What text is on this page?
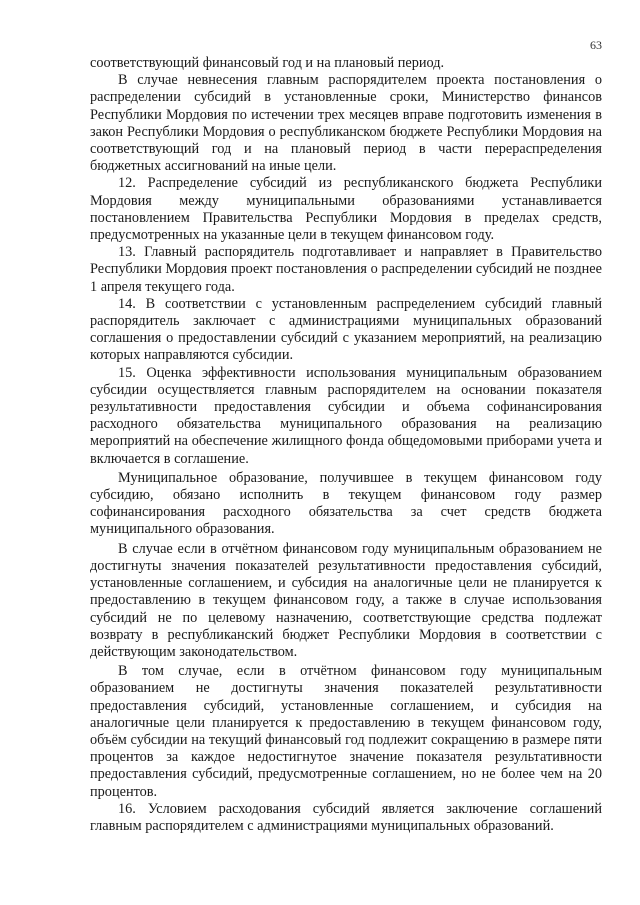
63

соответствующий финансовый год и на плановый период.

В случае невнесения главным распорядителем проекта постановления о распределении субсидий в установленные сроки, Министерство финансов Республики Мордовия по истечении трех месяцев вправе подготовить изменения в закон Республики Мордовия о республиканском бюджете Республики Мордовия на соответствующий год и на плановый период в части перераспределения бюджетных ассигнований на иные цели.

12. Распределение субсидий из республиканского бюджета Республики Мордовия между муниципальными образованиями устанавливается постановлением Правительства Республики Мордовия в пределах средств, предусмотренных на указанные цели в текущем финансовом году.

13. Главный распорядитель подготавливает и направляет в Правительство Республики Мордовия проект постановления о распределении субсидий не позднее 1 апреля текущего года.

14. В соответствии с установленным распределением субсидий главный распорядитель заключает с администрациями муниципальных образований соглашения о предоставлении субсидий с указанием мероприятий, на реализацию которых направляются субсидии.

15. Оценка эффективности использования муниципальным образованием субсидии осуществляется главным распорядителем на основании показателя результативности предоставления субсидии и объема софинансирования расходного обязательства муниципального образования на реализацию мероприятий на обеспечение жилищного фонда общедомовыми приборами учета и включается в соглашение.

Муниципальное образование, получившее в текущем финансовом году субсидию, обязано исполнить в текущем финансовом году размер софинансирования расходного обязательства за счет средств бюджета муниципального образования.

В случае если в отчётном финансовом году муниципальным образованием не достигнуты значения показателей результативности предоставления субсидий, установленные соглашением, и субсидия на аналогичные цели не планируется к предоставлению в текущем финансовом году, а также в случае использования субсидий не по целевому назначению, соответствующие средства подлежат возврату в республиканский бюджет Республики Мордовия в соответствии с действующим законодательством.

В том случае, если в отчётном финансовом году муниципальным образованием не достигнуты значения показателей результативности предоставления субсидий, установленные соглашением, и субсидия на аналогичные цели планируется к предоставлению в текущем финансовом году, объём субсидии на текущий финансовый год подлежит сокращению в размере пяти процентов за каждое недостигнутое значение показателя результативности предоставления субсидий, предусмотренные соглашением, но не более чем на 20 процентов.

16. Условием расходования субсидий является заключение соглашений главным распорядителем с администрациями муниципальных образований.
